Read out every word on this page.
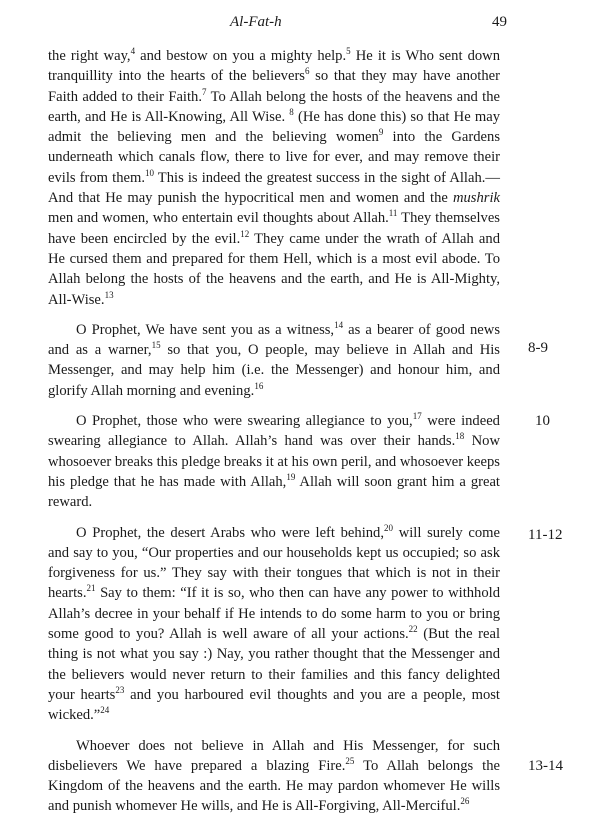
Al-Fat-h	49

the right way,$^4$ and bestow on you a mighty help.$^5$ He it is Who sent down tranquillity into the hearts of the believers$^6$ so that they may have another Faith added to their Faith.$^7$ To Allah belong the hosts of the heavens and the earth, and He is All-Knowing, All Wise. $^8$ (He has done this) so that He may admit the believing men and the believing women$^9$ into the Gardens underneath which canals flow, there to live for ever, and may remove their evils from them.$^{10}$ This is indeed the greatest success in the sight of Allah.—And that He may punish the hypocritical men and women and the mushrik men and women, who entertain evil thoughts about Allah.$^{11}$ They themselves have been encircled by the evil.$^{12}$ They came under the wrath of Allah and He cursed them and prepared for them Hell, which is a most evil abode. To Allah belong the hosts of the heavens and the earth, and He is All-Mighty, All-Wise.$^{13}$

O Prophet, We have sent you as a witness,$^{14}$ as a bearer of good news and as a warner,$^{15}$ so that you, O people, may believe in Allah and His Messenger, and may help him (i.e. the Messenger) and honour him, and glorify Allah morning and evening.$^{16}$
8-9

O Prophet, those who were swearing allegiance to you,$^{17}$ were indeed swearing allegiance to Allah. Allah’s hand was over their hands.$^{18}$ Now whosoever breaks this pledge breaks it at his own peril, and whosoever keeps his pledge that he has made with Allah,$^{19}$ Allah will soon grant him a great reward.
10

O Prophet, the desert Arabs who were left behind,$^{20}$ will surely come and say to you, “Our properties and our households kept us occupied; so ask forgiveness for us.” They say with their tongues that which is not in their hearts.$^{21}$ Say to them: “If it is so, who then can have any power to withhold Allah’s decree in your behalf if He intends to do some harm to you or bring some good to you? Allah is well aware of all your actions.$^{22}$ (But the real thing is not what you say :) Nay, you rather thought that the Messenger and the believers would never return to their families and this fancy delighted your hearts$^{23}$ and you harboured evil thoughts and you are a people, most wicked.”$^{24}$
11-12

Whoever does not believe in Allah and His Messenger, for such disbelievers We have prepared a blazing Fire.$^{25}$ To Allah belongs the Kingdom of the heavens and the earth. He may pardon whomever He wills and punish whomever He wills, and He is All-Forgiving, All-Merciful.$^{26}$
13-14
